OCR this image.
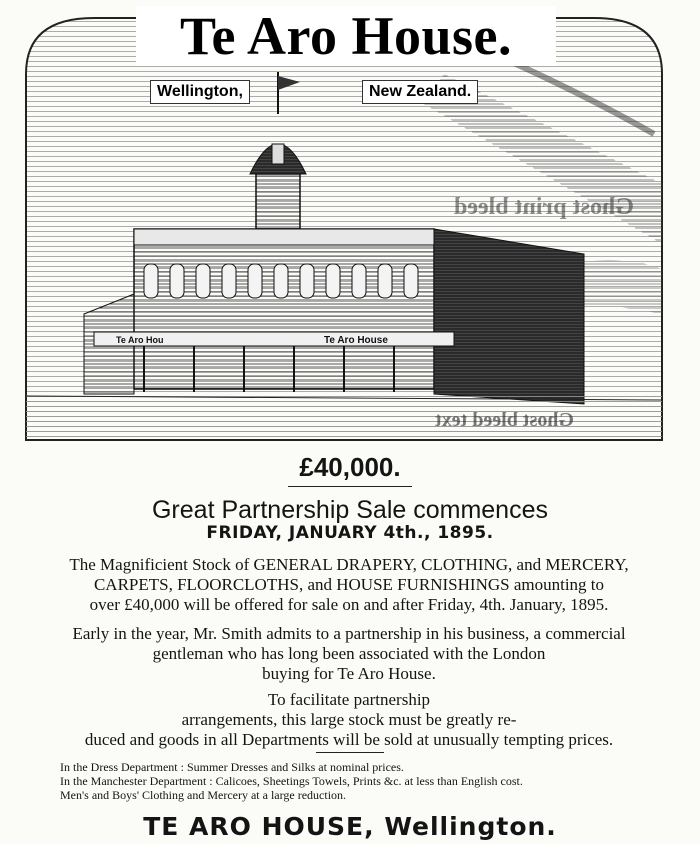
Ghost print bleed
Te Aro House
Te Aro Hou
Ghost bleed text
Te Aro House.
Wellington,	New Zealand.
£40,000.
Great Partnership Sale commences
FRIDAY, JANUARY 4th., 1895.
The Magnificient Stock of GENERAL DRAPERY, CLOTHING, and MERCERY,
CARPETS, FLOORCLOTHS, and HOUSE FURNISHINGS amounting to
over £40,000 will be offered for sale on and after Friday, 4th. January, 1895.
Early in the year, Mr. Smith admits to a partnership in his business, a commercial
gentleman who has long been associated with the London
buying for Te Aro House.
To facilitate partnership
arrangements, this large stock must be greatly re-
duced and goods in all Departments will be sold at unusually tempting prices.
In the Dress Department : Summer Dresses and Silks at nominal prices.
In the Manchester Department : Calicoes, Sheetings Towels, Prints &c. at less than English cost.
Men's and Boys' Clothing and Mercery at a large reduction.
TE ARO HOUSE, Wellington.
